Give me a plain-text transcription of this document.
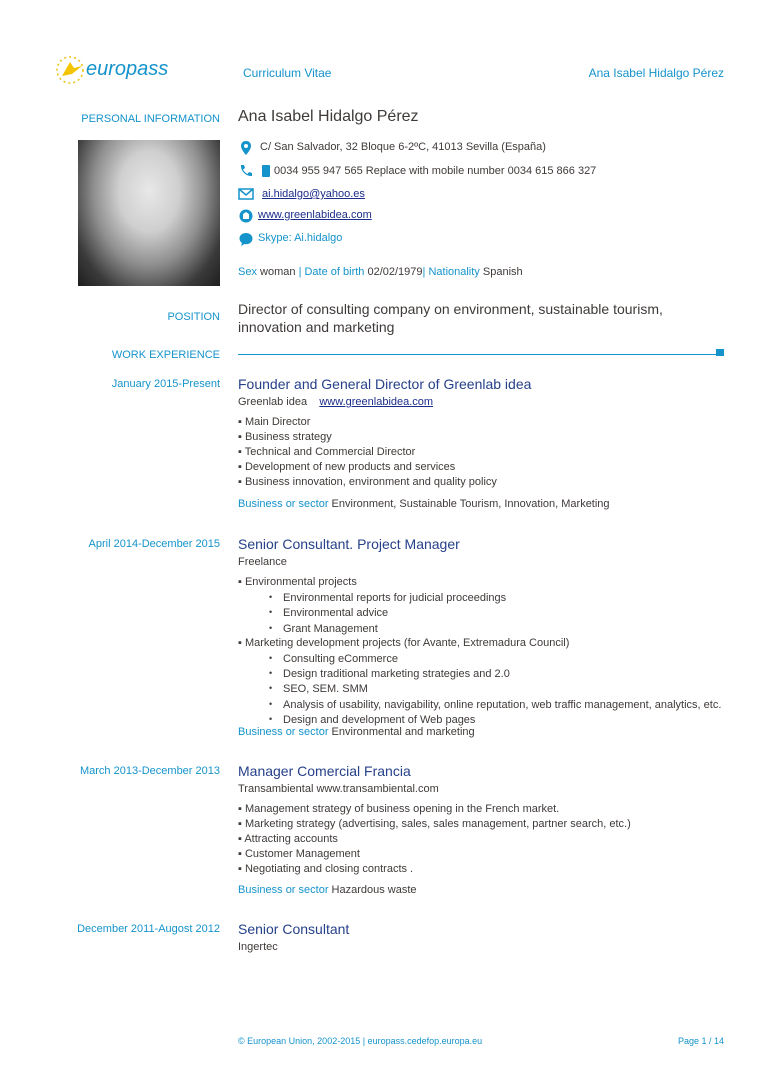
europass	Curriculum Vitae	Ana Isabel Hidalgo Pérez
PERSONAL INFORMATION Ana Isabel Hidalgo Pérez
C/ San Salvador, 32 Bloque 6-2ºC, 41013 Sevilla (España)
0034 955 947 565 Replace with mobile number 0034 615 866 327
ai.hidalgo@yahoo.es
www.greenlabidea.com
Skype: Ai.hidalgo
Sex woman | Date of birth 02/02/1979| Nationality Spanish
POSITION Director of consulting company on environment, sustainable tourism,
innovation and marketing
WORK EXPERIENCE
January 2015-Present Founder and General Director of Greenlab idea
Greenlab idea www.greenlabidea.com
▪ Main Director
▪ Business strategy
▪ Technical and Commercial Director
▪ Development of new products and services
▪ Business innovation, environment and quality policy
Business or sector Environment, Sustainable Tourism, Innovation, Marketing
April 2014-December 2015 Senior Consultant. Project Manager
Freelance
▪ Environmental projects
• Environmental reports for judicial proceedings
• Environmental advice
• Grant Management
▪ Marketing development projects (for Avante, Extremadura Council)
• Consulting eCommerce
• Design traditional marketing strategies and 2.0
• SEO, SEM. SMM
• Analysis of usability, navigability, online reputation, web traffic management, analytics, etc.
• Design and development of Web pages
Business or sector Environmental and marketing
March 2013-December 2013 Manager Comercial Francia
Transambiental www.transambiental.com
▪ Management strategy of business opening in the French market.
▪ Marketing strategy (advertising, sales, sales management, partner search, etc.)
▪ Attracting accounts
▪ Customer Management
▪ Negotiating and closing contracts .
Business or sector Hazardous waste
December 2011-Augost 2012 Senior Consultant
Ingertec
© European Union, 2002-2015 | europass.cedefop.europa.eu	Page 1 / 14
